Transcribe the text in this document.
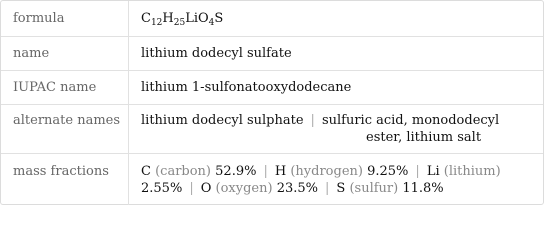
formula	$C_{12}H_{25}LiO_4S$
name	lithium dodecyl sulfate
IUPAC name	lithium 1-sulfonatooxydodecane
alternate names	lithium dodecyl sulphate | sulfuric acid, monododecyl
ester, lithium salt
mass fractions	C (carbon) 52.9% | H (hydrogen) 9.25% | Li (lithium)
2.55% | O (oxygen) 23.5% | S (sulfur) 11.8%
